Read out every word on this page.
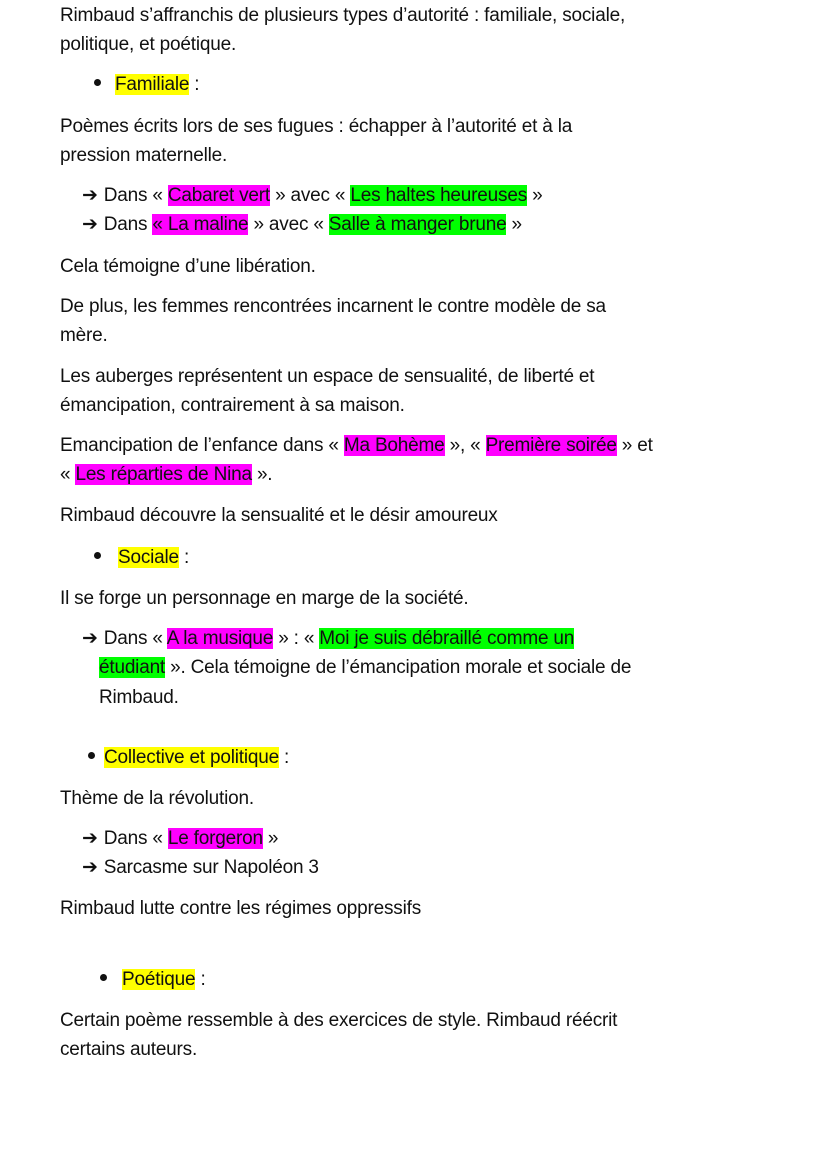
Rimbaud s’affranchis de plusieurs types d’autorité : familiale, sociale,
politique, et poétique.
Familiale :
Poèmes écrits lors de ses fugues : échapper à l’autorité et à la
pression maternelle.
➔ Dans « Cabaret vert » avec « Les haltes heureuses »
➔ Dans « La maline » avec « Salle à manger brune »
Cela témoigne d’une libération.
De plus, les femmes rencontrées incarnent le contre modèle de sa
mère.
Les auberges représentent un espace de sensualité, de liberté et
émancipation, contrairement à sa maison.
Emancipation de l’enfance dans « Ma Bohème », « Première soirée » et
« Les réparties de Nina ».
Rimbaud découvre la sensualité et le désir amoureux
Sociale :
Il se forge un personnage en marge de la société.
➔ Dans « A la musique » : « Moi je suis débraillé comme un
étudiant ». Cela témoigne de l’émancipation morale et sociale de
Rimbaud.
Collective et politique :
Thème de la révolution.
➔ Dans « Le forgeron »
➔ Sarcasme sur Napoléon 3
Rimbaud lutte contre les régimes oppressifs
Poétique :
Certain poème ressemble à des exercices de style. Rimbaud réécrit
certains auteurs.
